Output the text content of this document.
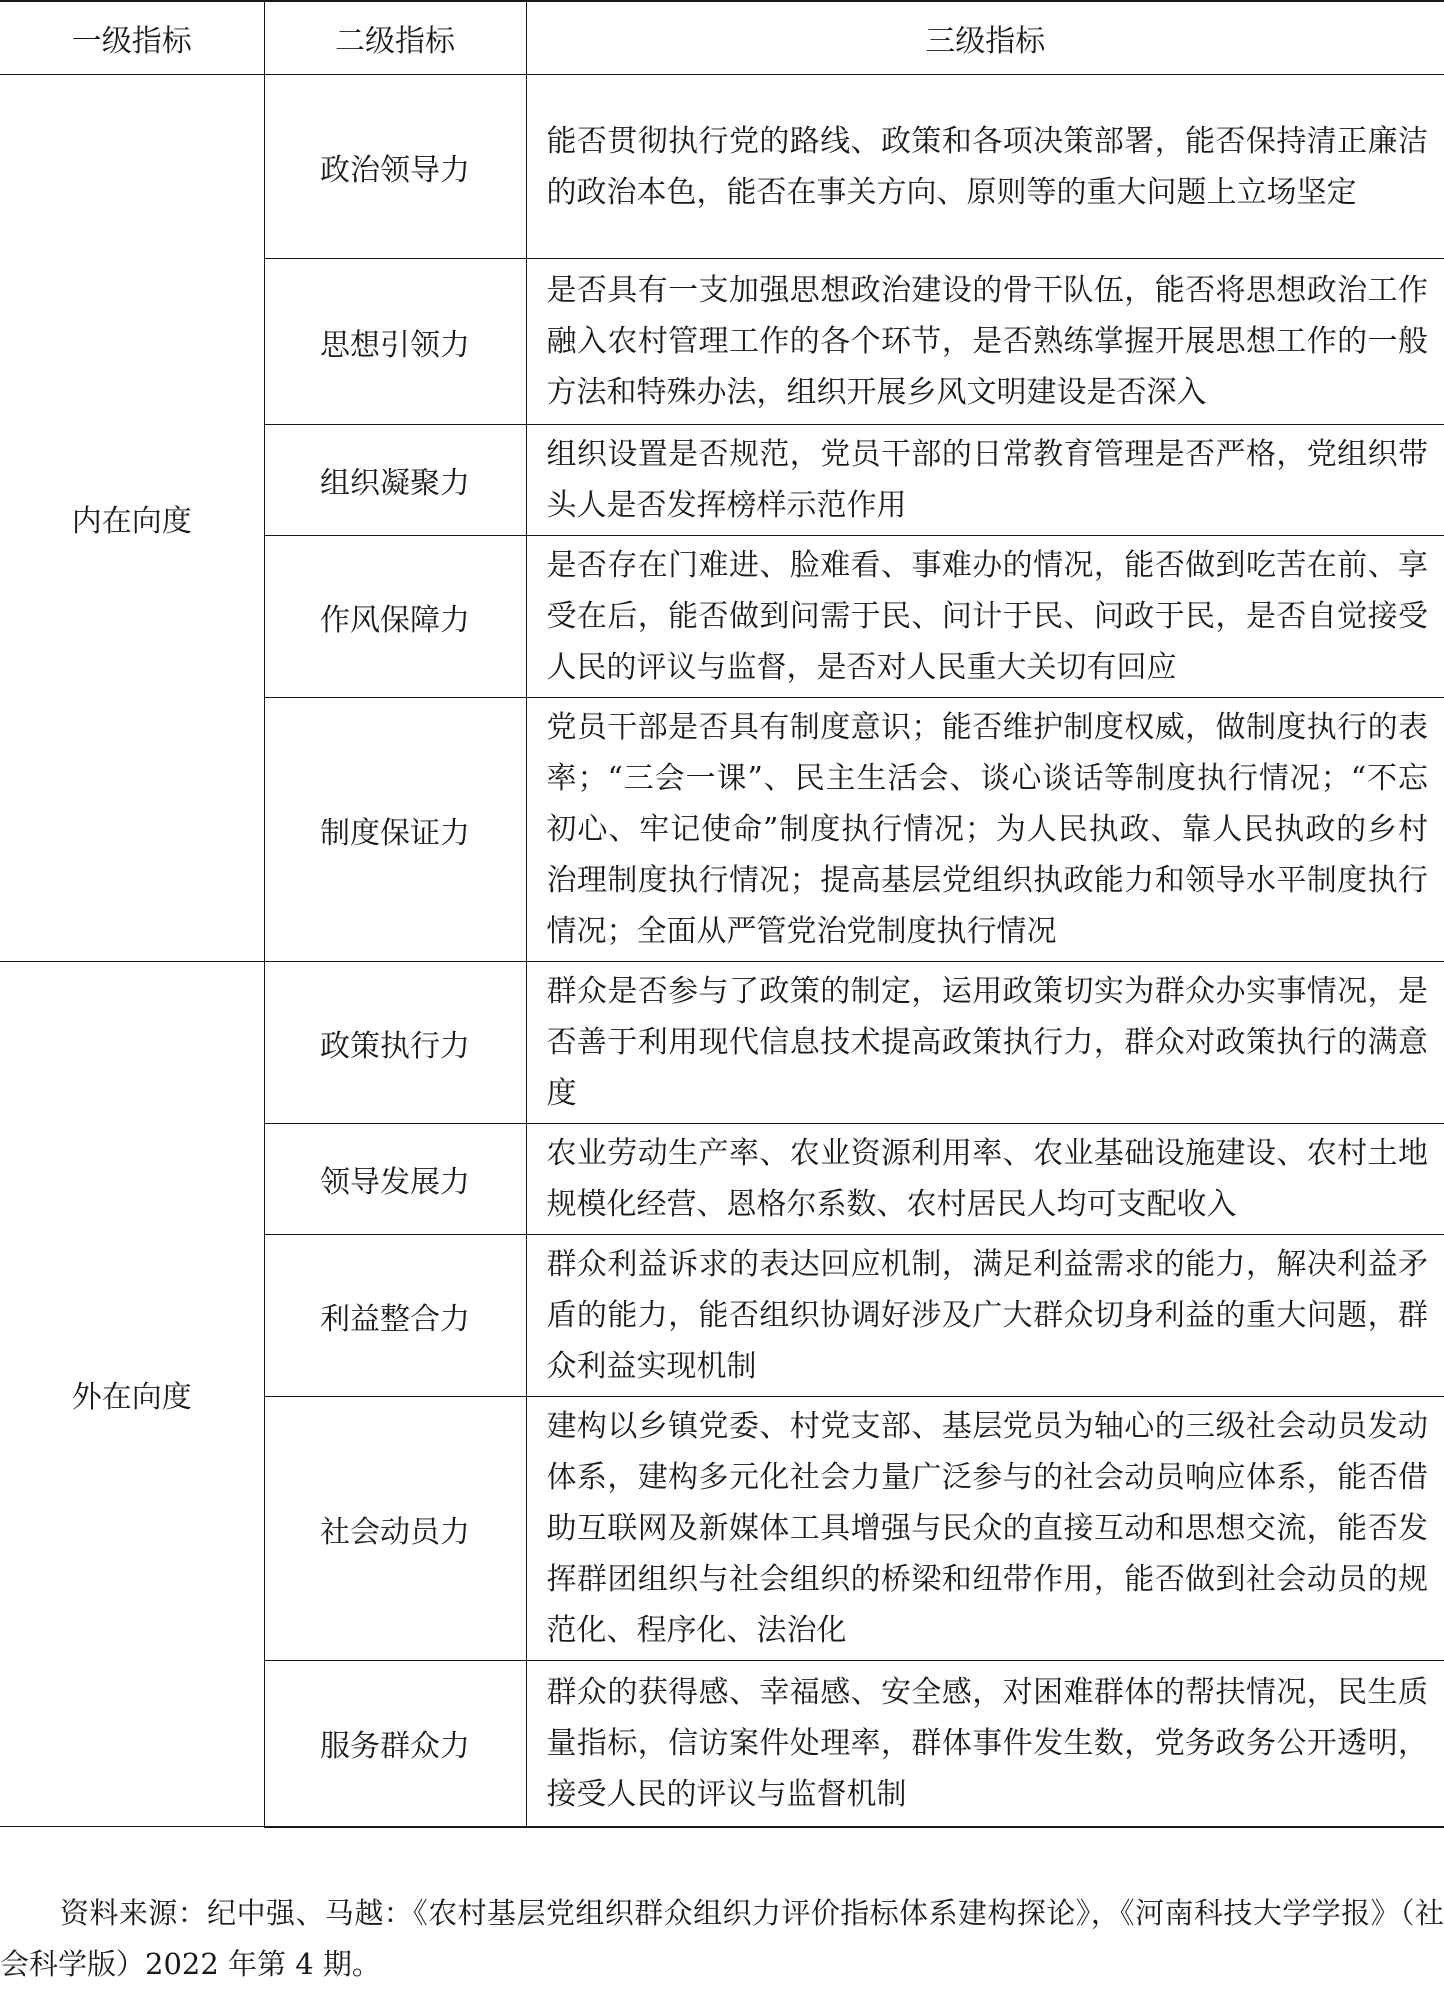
一级指标	二级指标	三级指标
内在向度	政治领导力	能否贯彻执行党的路线、政策和各项决策部署，能否保持清正廉洁的政治本色，能否在事关方向、原则等的重大问题上立场坚定
	思想引领力	是否具有一支加强思想政治建设的骨干队伍，能否将思想政治工作融入农村管理工作的各个环节，是否熟练掌握开展思想工作的一般方法和特殊办法，组织开展乡风文明建设是否深入
	组织凝聚力	组织设置是否规范，党员干部的日常教育管理是否严格，党组织带头人是否发挥榜样示范作用
	作风保障力	是否存在门难进、脸难看、事难办的情况，能否做到吃苦在前、享受在后，能否做到问需于民、问计于民、问政于民，是否自觉接受人民的评议与监督，是否对人民重大关切有回应
	制度保证力	党员干部是否具有制度意识；能否维护制度权威，做制度执行的表率；“三会一课”、民主生活会、谈心谈话等制度执行情况；“不忘初心、牢记使命”制度执行情况；为人民执政、靠人民执政的乡村治理制度执行情况；提高基层党组织执政能力和领导水平制度执行情况；全面从严管党治党制度执行情况
外在向度	政策执行力	群众是否参与了政策的制定，运用政策切实为群众办实事情况，是否善于利用现代信息技术提高政策执行力，群众对政策执行的满意度
	领导发展力	农业劳动生产率、农业资源利用率、农业基础设施建设、农村土地规模化经营、恩格尔系数、农村居民人均可支配收入
	利益整合力	群众利益诉求的表达回应机制，满足利益需求的能力，解决利益矛盾的能力，能否组织协调好涉及广大群众切身利益的重大问题，群众利益实现机制
	社会动员力	建构以乡镇党委、村党支部、基层党员为轴心的三级社会动员发动体系，建构多元化社会力量广泛参与的社会动员响应体系，能否借助互联网及新媒体工具增强与民众的直接互动和思想交流，能否发挥群团组织与社会组织的桥梁和纽带作用，能否做到社会动员的规范化、程序化、法治化
	服务群众力	群众的获得感、幸福感、安全感，对困难群体的帮扶情况，民生质量指标，信访案件处理率，群体事件发生数，党务政务公开透明，接受人民的评议与监督机制

资料来源：纪中强、马越：《农村基层党组织群众组织力评价指标体系建构探论》，《河南科技大学学报》（社会科学版）2022 年第 4 期。
